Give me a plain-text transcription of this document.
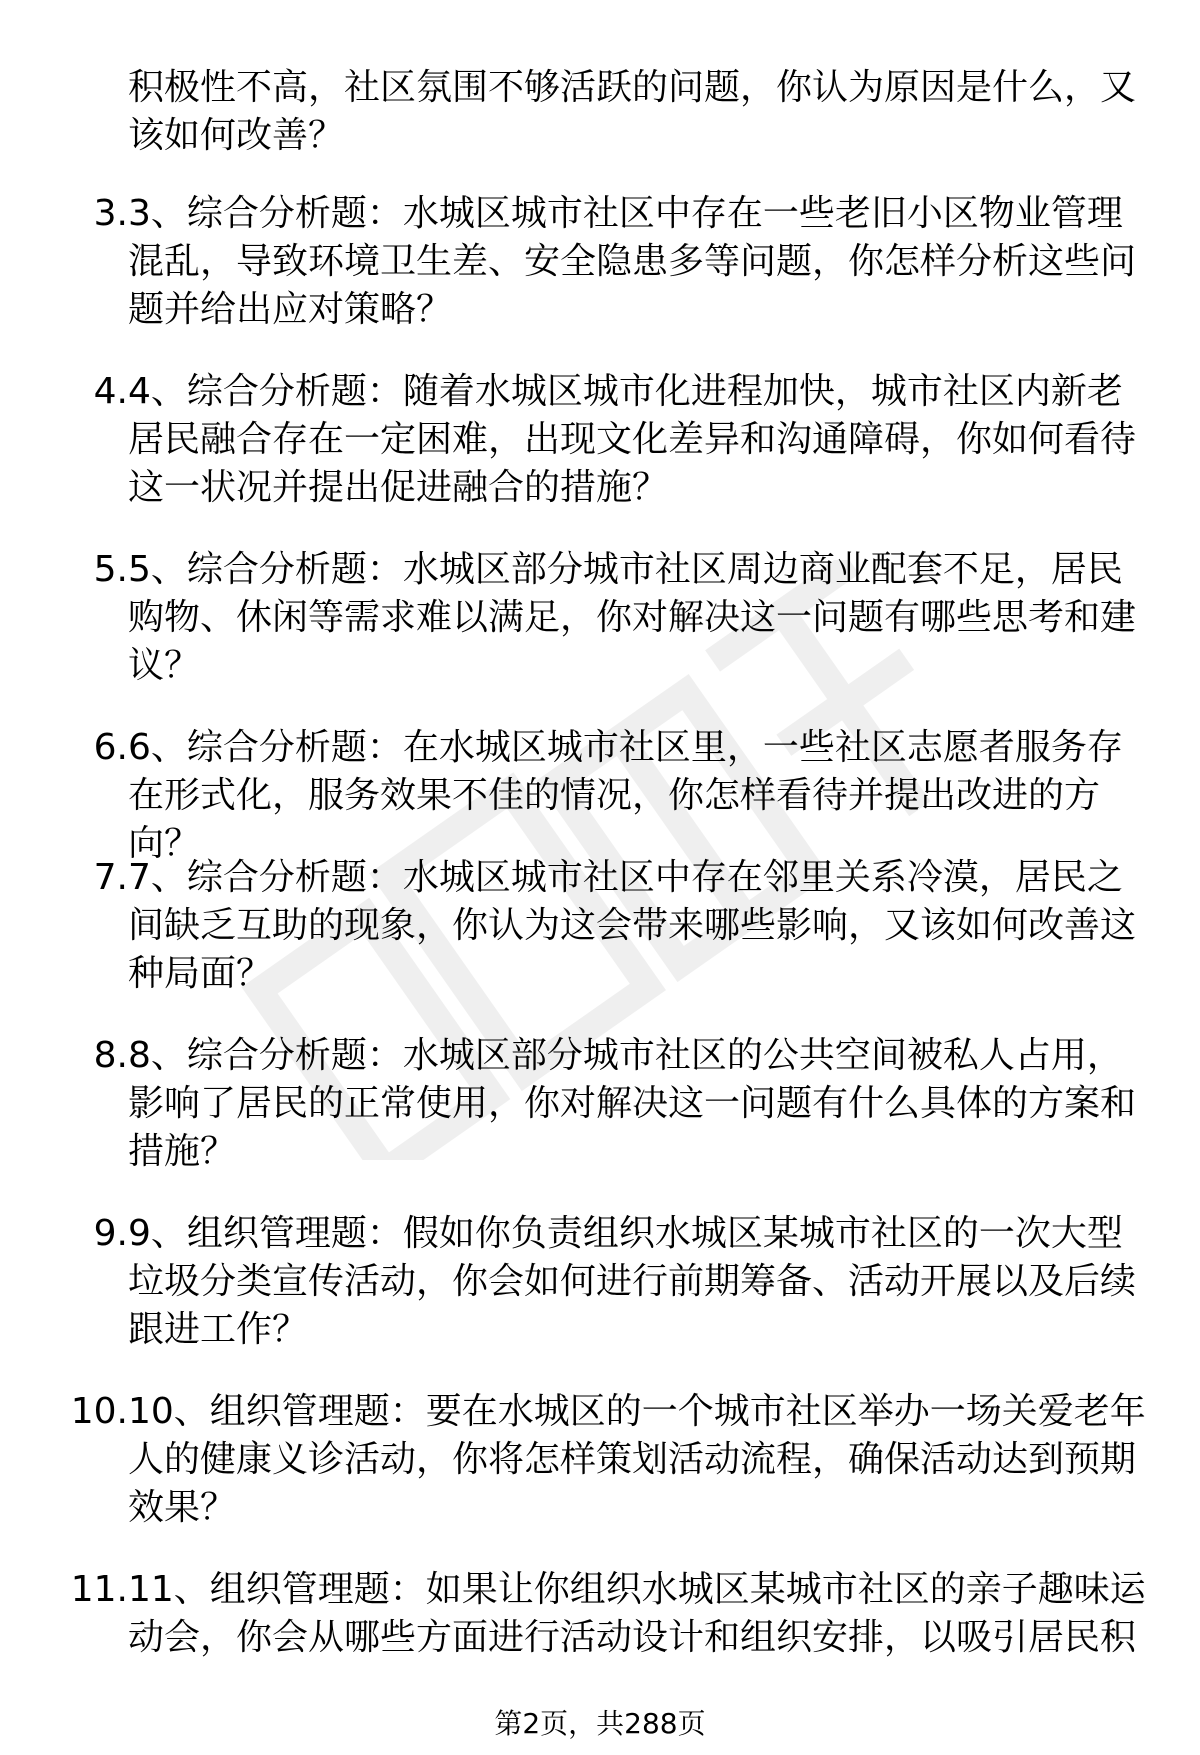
积极性不高，社区氛围不够活跃的问题，你认为原因是什么，又该如何改善？
3. 3、综合分析题：水城区城市社区中存在一些老旧小区物业管理混乱，导致环境卫生差、安全隐患多等问题，你怎样分析这些问题并给出应对策略？
4. 4、综合分析题：随着水城区城市化进程加快，城市社区内新老居民融合存在一定困难，出现文化差异和沟通障碍，你如何看待这一状况并提出促进融合的措施？
5. 5、综合分析题：水城区部分城市社区周边商业配套不足，居民购物、休闲等需求难以满足，你对解决这一问题有哪些思考和建议？
6. 6、综合分析题：在水城区城市社区里，一些社区志愿者服务存在形式化，服务效果不佳的情况，你怎样看待并提出改进的方向？
7. 7、综合分析题：水城区城市社区中存在邻里关系冷漠，居民之间缺乏互助的现象，你认为这会带来哪些影响，又该如何改善这种局面？
8. 8、综合分析题：水城区部分城市社区的公共空间被私人占用，影响了居民的正常使用，你对解决这一问题有什么具体的方案和措施？
9. 9、组织管理题：假如你负责组织水城区某城市社区的一次大型垃圾分类宣传活动，你会如何进行前期筹备、活动开展以及后续跟进工作？
10. 10、组织管理题：要在水城区的一个城市社区举办一场关爱老年人的健康义诊活动，你将怎样策划活动流程，确保活动达到预期效果？
11. 11、组织管理题：如果让你组织水城区某城市社区的亲子趣味运动会，你会从哪些方面进行活动设计和组织安排，以吸引居民积
第2页，共288页
